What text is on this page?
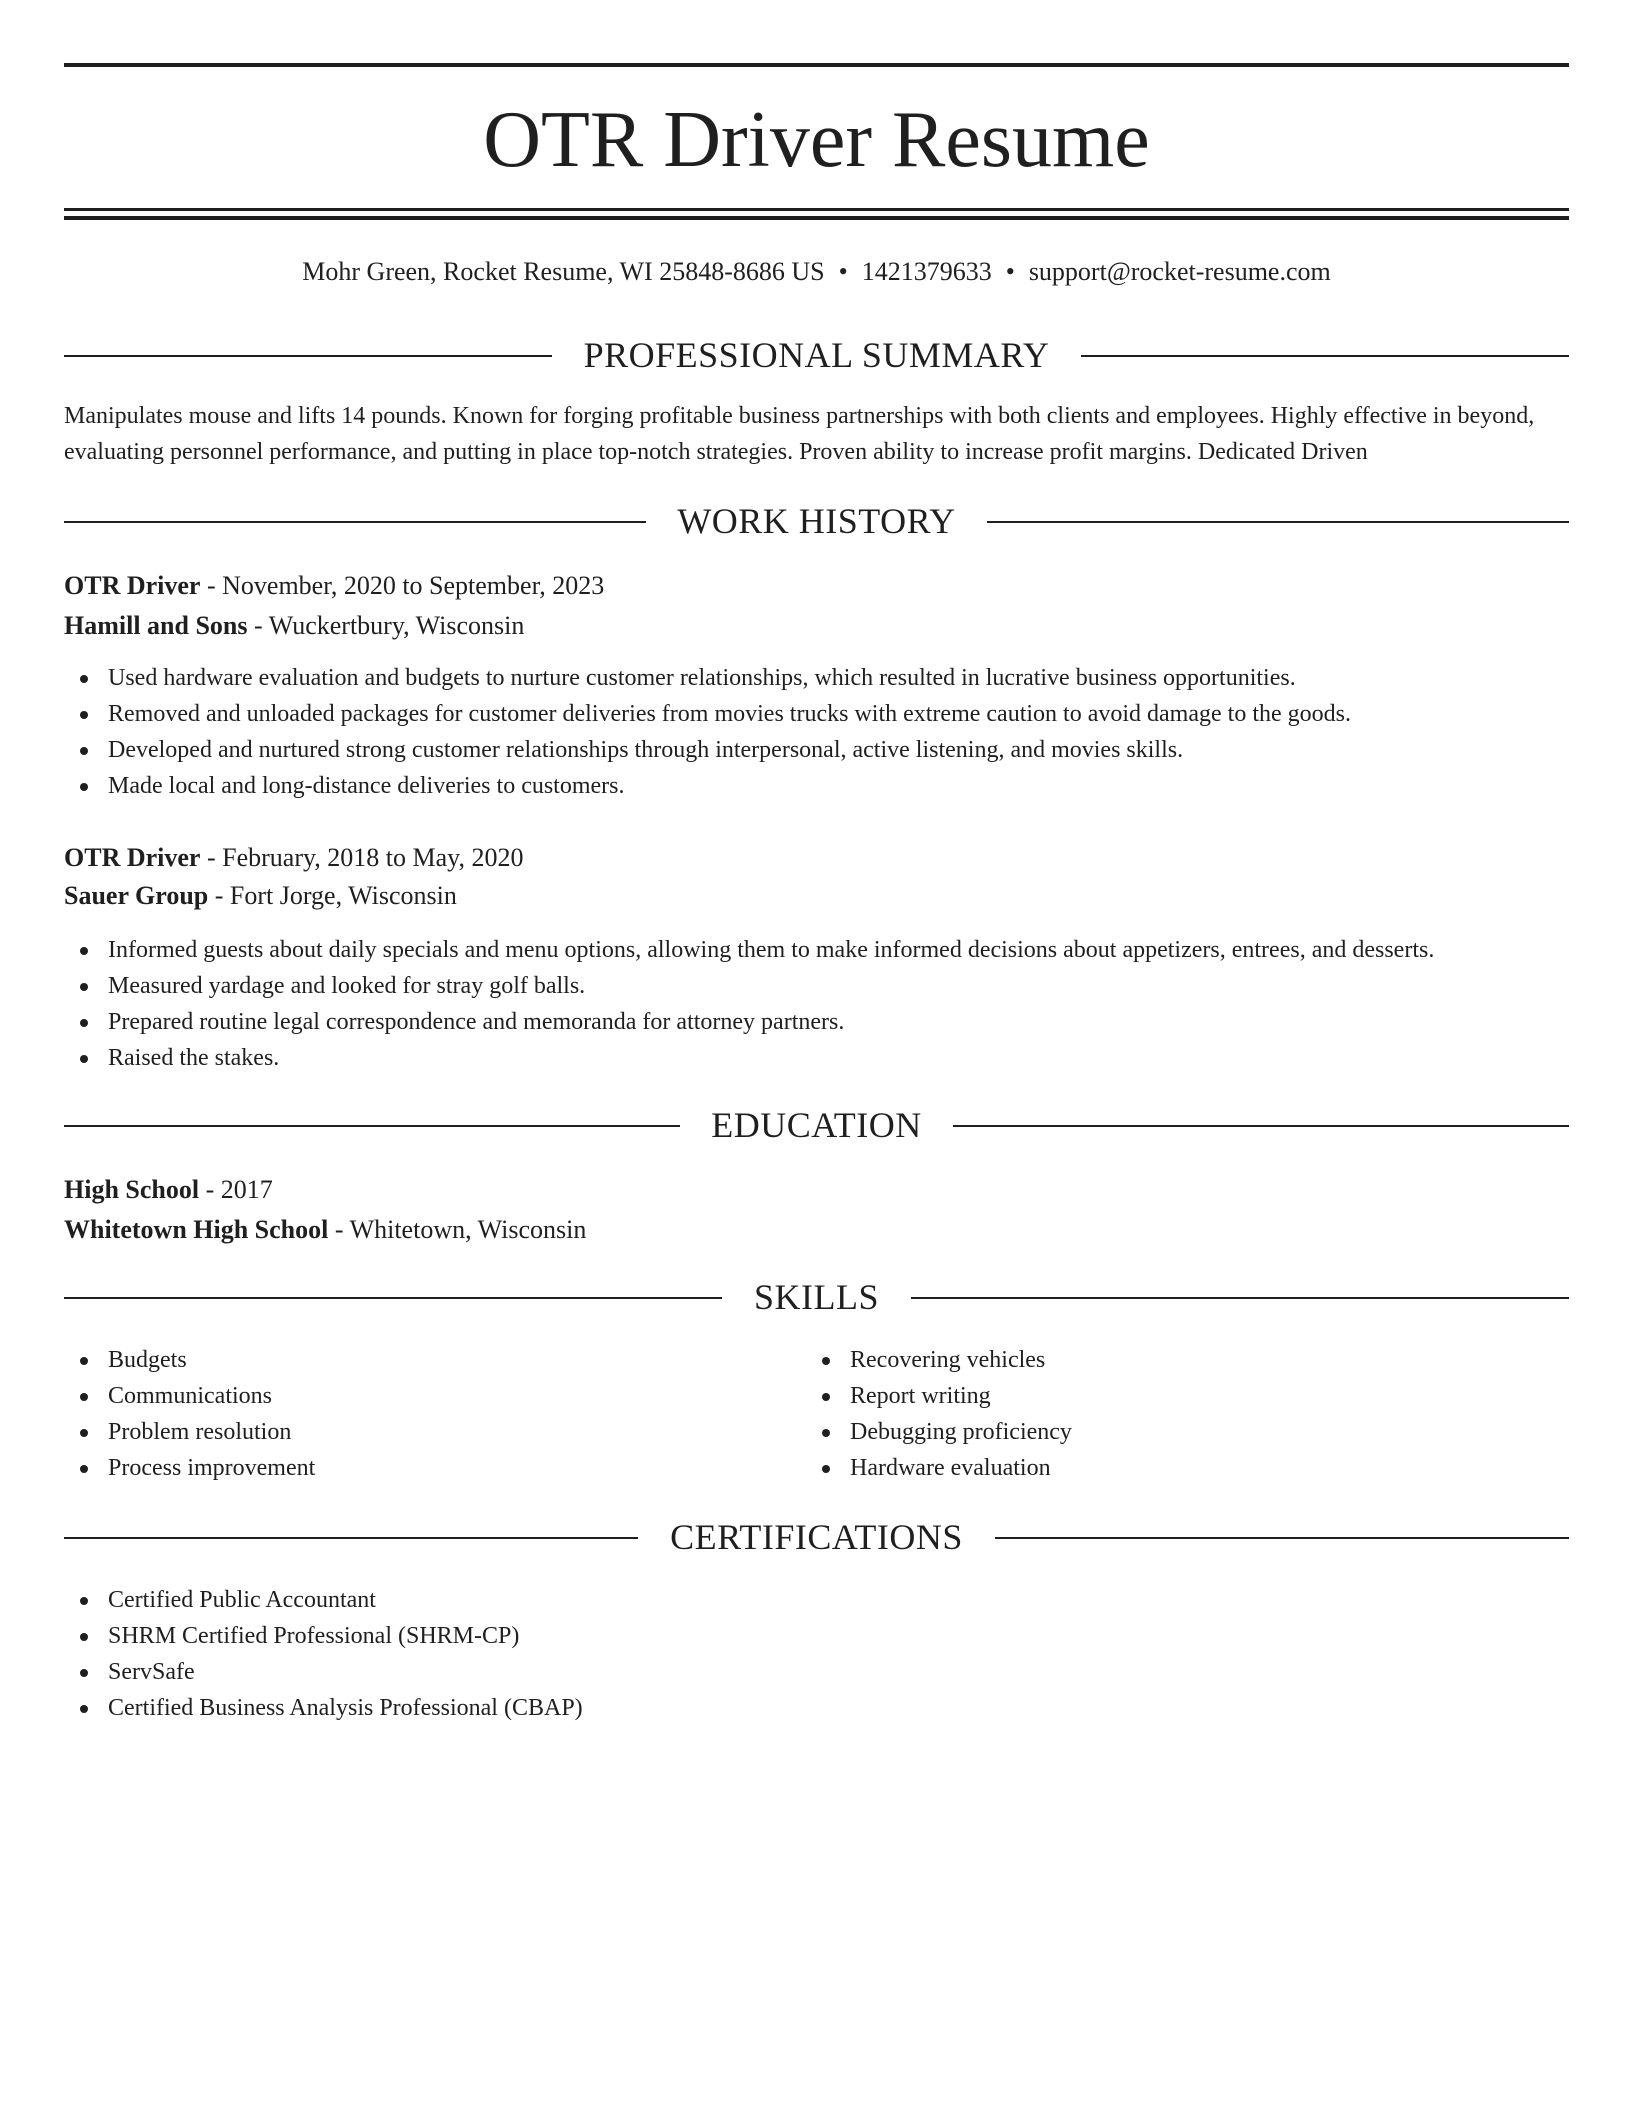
OTR Driver Resume
Mohr Green, Rocket Resume, WI 25848-8686 US • 1421379633 • support@rocket-resume.com
PROFESSIONAL SUMMARY

Manipulates mouse and lifts 14 pounds. Known for forging profitable business partnerships with both clients and employees. Highly effective in beyond, evaluating personnel performance, and putting in place top-notch strategies. Proven ability to increase profit margins. Dedicated Driven

WORK HISTORY
OTR Driver - November, 2020 to September, 2023
Hamill and Sons - Wuckertbury, Wisconsin
Used hardware evaluation and budgets to nurture customer relationships, which resulted in lucrative business opportunities.
Removed and unloaded packages for customer deliveries from movies trucks with extreme caution to avoid damage to the goods.
Developed and nurtured strong customer relationships through interpersonal, active listening, and movies skills.
Made local and long-distance deliveries to customers.
OTR Driver - February, 2018 to May, 2020
Sauer Group - Fort Jorge, Wisconsin
Informed guests about daily specials and menu options, allowing them to make informed decisions about appetizers, entrees, and desserts.
Measured yardage and looked for stray golf balls.
Prepared routine legal correspondence and memoranda for attorney partners.
Raised the stakes.
EDUCATION
High School - 2017
Whitetown High School - Whitetown, Wisconsin
SKILLS
Budgets
Communications
Problem resolution
Process improvement
Recovering vehicles
Report writing
Debugging proficiency
Hardware evaluation
CERTIFICATIONS
Certified Public Accountant
SHRM Certified Professional (SHRM-CP)
ServSafe
Certified Business Analysis Professional (CBAP)
